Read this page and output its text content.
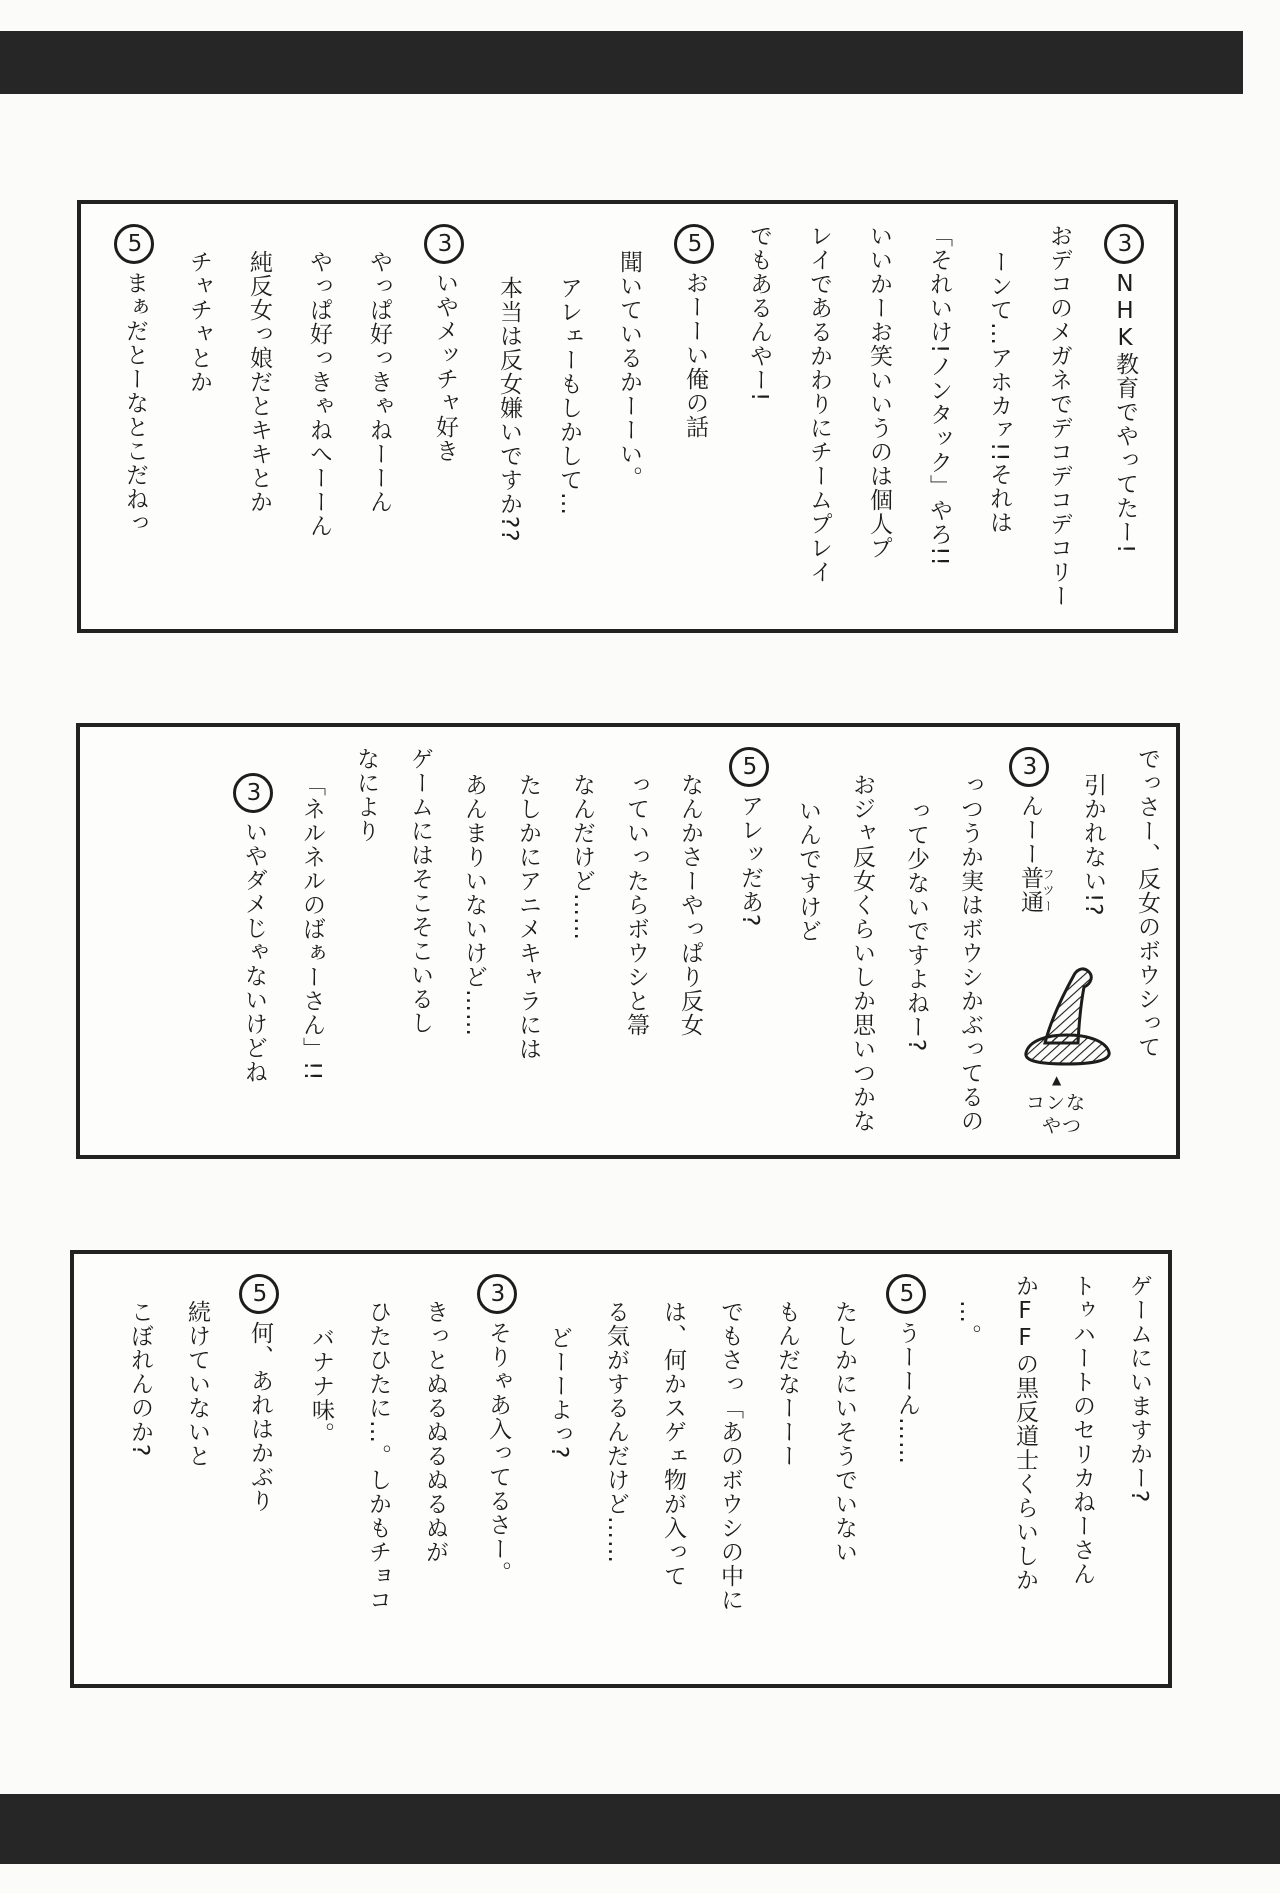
3NHK教育でやってたー!
おデコのメガネでデコデコデコリー
ーンて…アホカァ!!それは
「それいけ!ノンタック」やろ!!
いいかーお笑いいうのは個人プ
レイであるかわりにチームプレイ
でもあるんやー!
5おーーい俺の話
聞いているかーーい。
アレェーもしかして…
本当は反女嫌いですか??
3いやメッチャ好き
やっぱ好っきゃねーーん
やっぱ好っきゃねへーーん
純反女っ娘だとキキとか
チャチャとか
5まぁだとーなとこだねっ
▲
コンな
やつ
でっさー、反女のボウシって
引かれない!?
3んーー普通フツー
っつうか実はボウシかぶってるの
って少ないですよねー?
おジャ反女くらいしか思いつかな
いんですけど
5アレッだあ?
なんかさーやっぱり反女
っていったらボウシと箒
なんだけど……
たしかにアニメキャラには
あんまりいないけど……
ゲームにはそこそこいるし
なにより
「ネルネルのばぁーさん」!!
3いやダメじゃないけどね
ゲームにいますかー?
トゥハートのセリカねーさん
かFFの黒反道士くらいしか
…。
5うーーん……
たしかにいそうでいない
もんだなーーー
でもさっ「あのボウシの中に
は、何かスゲェ物が入って
る気がするんだけど……
どーーよっ?
3そりゃあ入ってるさー。
きっとぬるぬるぬるぬが
ひたひたに…。しかもチョコ
バナナ味。
5何、あれはかぶり
続けていないと
こぼれんのか?
